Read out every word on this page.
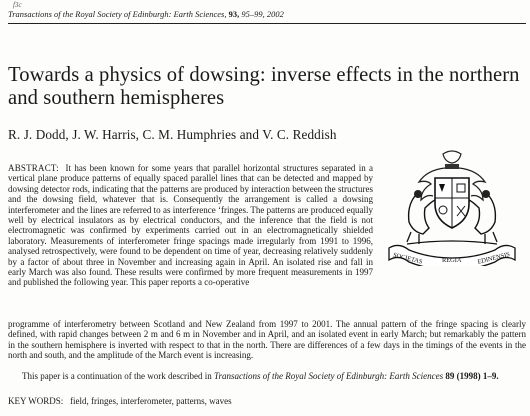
f3c
Transactions of the Royal Society of Edinburgh: Earth Sciences, 93, 95–99, 2002
Towards a physics of dowsing: inverse effects in the northern and southern hemispheres
R. J. Dodd, J. W. Harris, C. M. Humphries and V. C. Reddish

ABSTRACT: It has been known for some years that parallel horizontal structures separated in a vertical plane produce patterns of equally spaced parallel lines that can be detected and mapped by dowsing detector rods, indicating that the patterns are produced by interaction between the structures and the dowsing field, whatever that is. Consequently the arrangement is called a dowsing interferometer and the lines are referred to as interference ‘fringes. The patterns are produced equally well by electrical insulators as by electrical conductors, and the inference that the field is not electromagnetic was confirmed by experiments carried out in an electromagnetically shielded laboratory. Measurements of interferometer fringe spacings made irregularly from 1991 to 1996, analysed retrospectively, were found to be dependent on time of year, decreasing relatively suddenly by a factor of about three in November and increasing again in April. An isolated rise and fall in early March was also found. These results were confirmed by more frequent measurements in 1997 and published the following year. This paper reports a co-operative

programme of interferometry between Scotland and New Zealand from 1997 to 2001. The annual pattern of the fringe spacing is clearly defined, with rapid changes between 2 m and 6 m in November and in April, and an isolated event in early March; but remarkably the pattern in the southern hemisphere is inverted with respect to that in the north. There are differences of a few days in the timings of the events in the north and south, and the amplitude of the March event is increasing.

This paper is a continuation of the work described in Transactions of the Royal Society of Edinburgh: Earth Sciences 89 (1998) 1–9.

KEY WORDS: field, fringes, interferometer, patterns, waves
SOCIETAS	REGIA EDINENSIS
